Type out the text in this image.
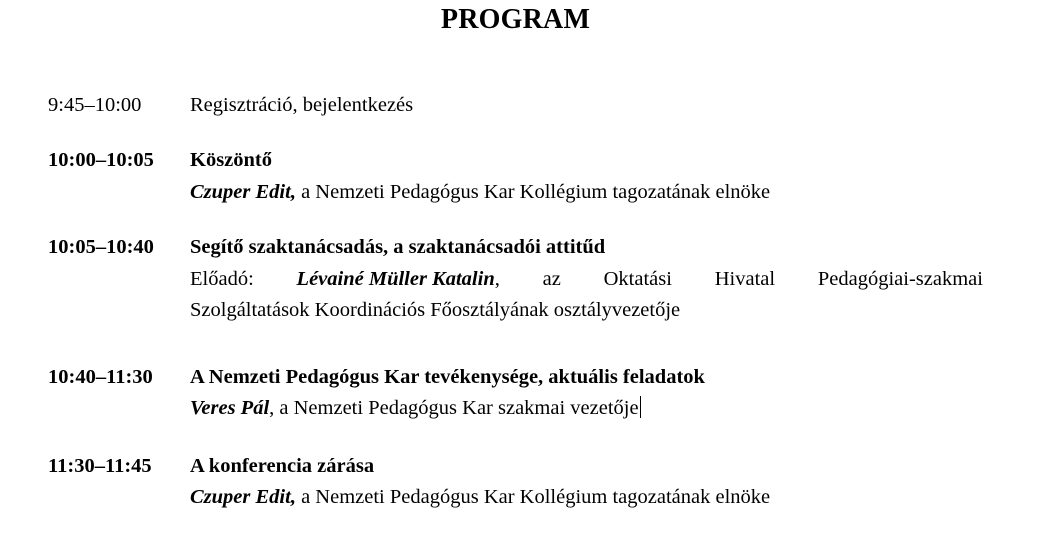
PROGRAM
9:45–10:00 Regisztráció, bejelentkezés
10:00–10:05 Köszöntő
Czuper Edit, a Nemzeti Pedagógus Kar Kollégium tagozatának elnöke
10:05–10:40 Segítő szaktanácsadás, a szaktanácsadói attitűd
Előadó: Lévainé Müller Katalin, az Oktatási Hivatal Pedagógiai-szakmai
Szolgáltatások Koordinációs Főosztályának osztályvezetője
10:40–11:30 A Nemzeti Pedagógus Kar tevékenysége, aktuális feladatok
Veres Pál, a Nemzeti Pedagógus Kar szakmai vezetője
11:30–11:45 A konferencia zárása
Czuper Edit, a Nemzeti Pedagógus Kar Kollégium tagozatának elnöke
